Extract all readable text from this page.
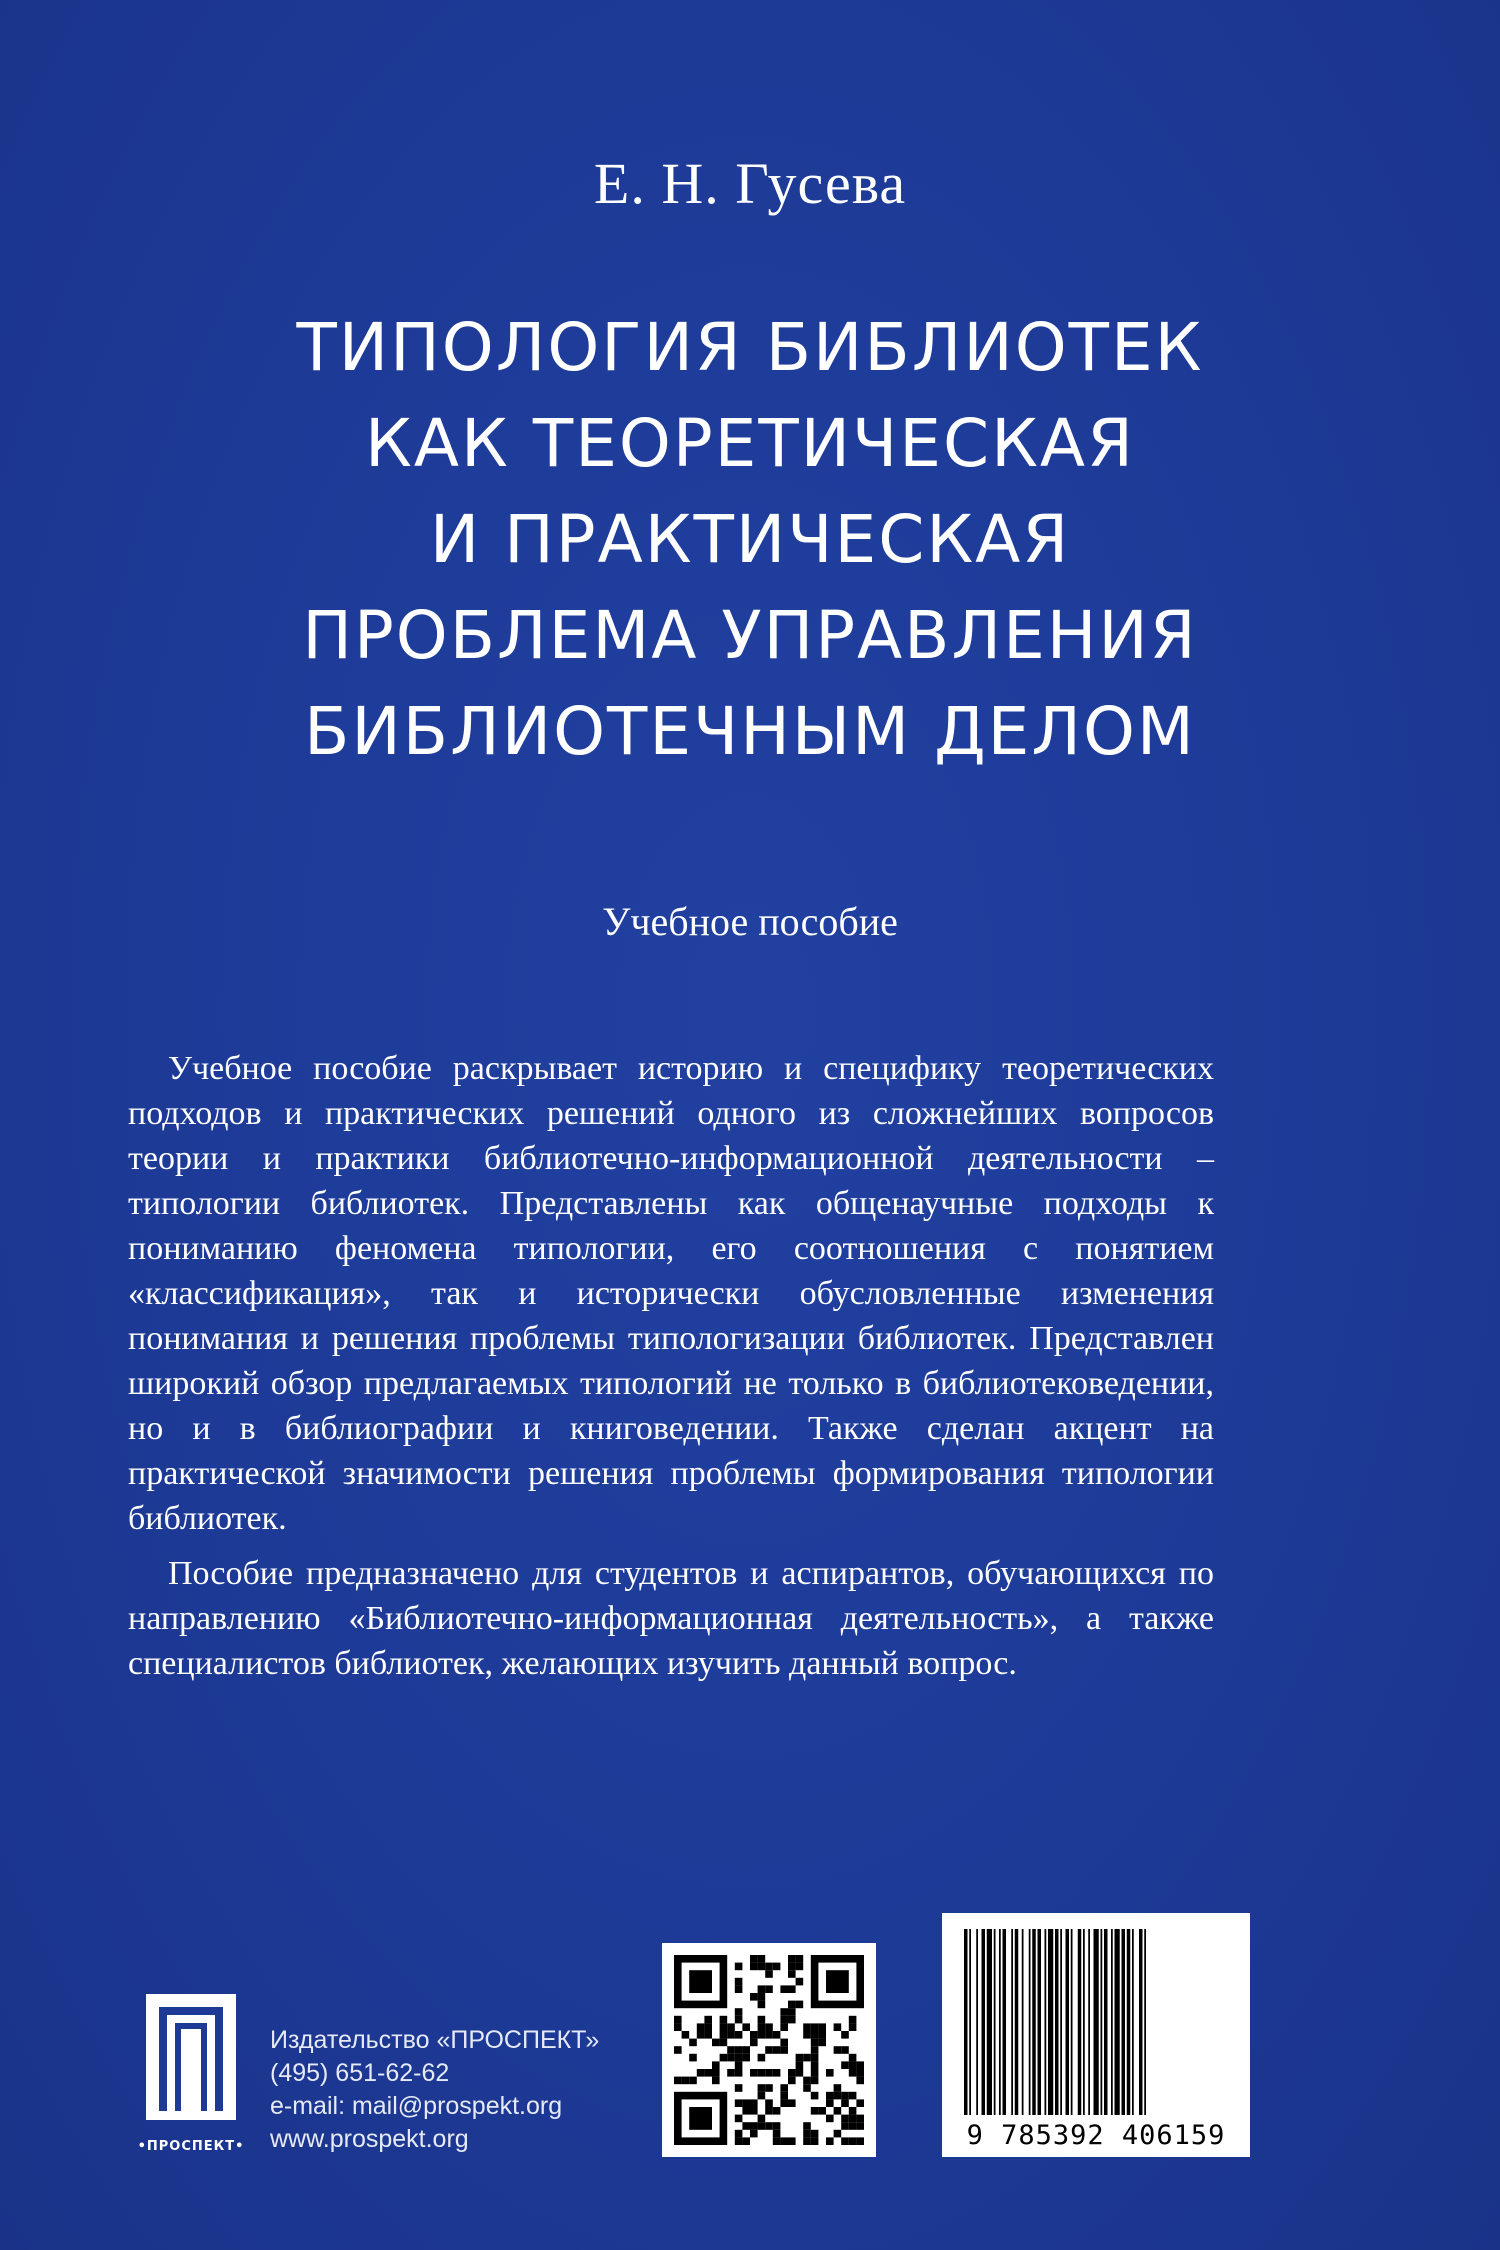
Е. Н. Гусева
ТИПОЛОГИЯ БИБЛИОТЕК
КАК ТЕОРЕТИЧЕСКАЯ
И ПРАКТИЧЕСКАЯ
ПРОБЛЕМА УПРАВЛЕНИЯ
БИБЛИОТЕЧНЫМ ДЕЛОМ
Учебное пособие

Учебное пособие раскрывает историю и специфику теоретических подходов и практических решений одного из сложнейших вопросов теории и практики библиотечно-информационной деятельности – типологии библиотек. Представлены как общенаучные подходы к пониманию феномена типологии, его соотношения с понятием «классификация», так и исторически обусловленные изменения понимания и решения проблемы типологизации библиотек. Представлен широкий обзор предлагаемых типологий не только в библиотековедении, но и в библиографии и книговедении. Также сделан акцент на практической значимости решения проблемы формирования типологии библиотек.

Пособие предназначено для студентов и аспирантов, обучающихся по направлению «Библиотечно-информационная деятельность», а также специалистов библиотек, желающих изучить данный вопрос.

•ПРОСПЕКТ•
Издательство «ПРОСПЕКТ»
(495) 651-62-62
e-mail: mail@prospekt.org
www.prospekt.org	9 785392 406159
